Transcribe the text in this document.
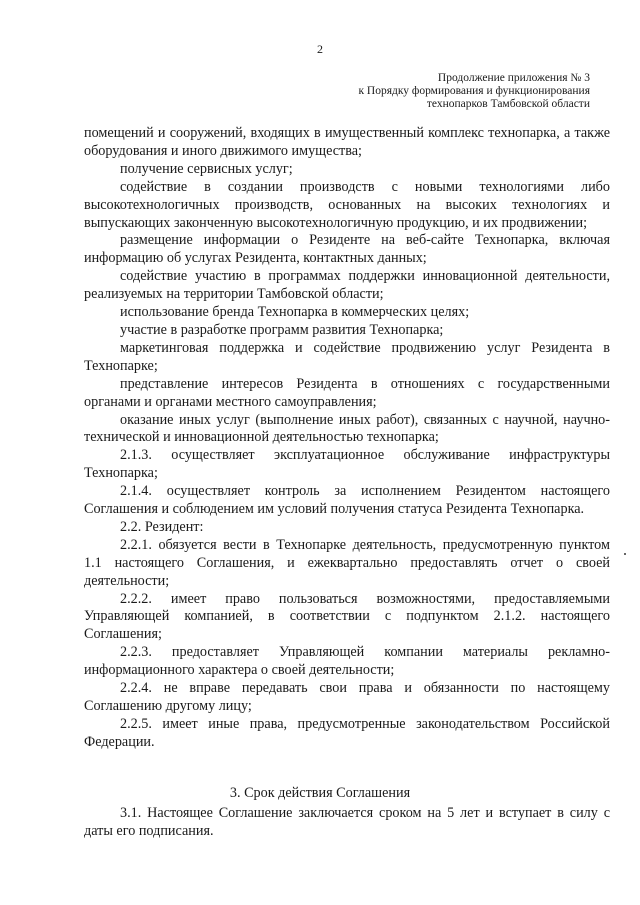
2
Продолжение приложения № 3
к Порядку формирования и функционирования
технопарков Тамбовской области

помещений и сооружений, входящих в имущественный комплекс технопарка, а также оборудования и иного движимого имущества;

получение сервисных услуг;

содействие в создании производств с новыми технологиями либо высокотехнологичных производств, основанных на высоких технологиях и выпускающих законченную высокотехнологичную продукцию, и их продвижении;

размещение информации о Резиденте на веб-сайте Технопарка, включая информацию об услугах Резидента, контактных данных;

содействие участию в программах поддержки инновационной деятельности, реализуемых на территории Тамбовской области;

использование бренда Технопарка в коммерческих целях;

участие в разработке программ развития Технопарка;

маркетинговая поддержка и содействие продвижению услуг Резидента в Технопарке;

представление интересов Резидента в отношениях с государственными органами и органами местного самоуправления;

оказание иных услуг (выполнение иных работ), связанных с научной, научно-технической и инновационной деятельностью технопарка;

2.1.3. осуществляет эксплуатационное обслуживание инфраструктуры Технопарка;

2.1.4. осуществляет контроль за исполнением Резидентом настоящего Соглашения и соблюдением им условий получения статуса Резидента Технопарка.

2.2. Резидент:

2.2.1. обязуется вести в Технопарке деятельность, предусмотренную пунктом 1.1 настоящего Соглашения, и ежеквартально предоставлять отчет о своей деятельности;

2.2.2. имеет право пользоваться возможностями, предоставляемыми Управляющей компанией, в соответствии с подпунктом 2.1.2. настоящего Соглашения;

2.2.3. предоставляет Управляющей компании материалы рекламно-информационного характера о своей деятельности;

2.2.4. не вправе передавать свои права и обязанности по настоящему Соглашению другому лицу;

2.2.5. имеет иные права, предусмотренные законодательством Российской Федерации.

3. Срок действия Соглашения

3.1. Настоящее Соглашение заключается сроком на 5 лет и вступает в силу с даты его подписания.
